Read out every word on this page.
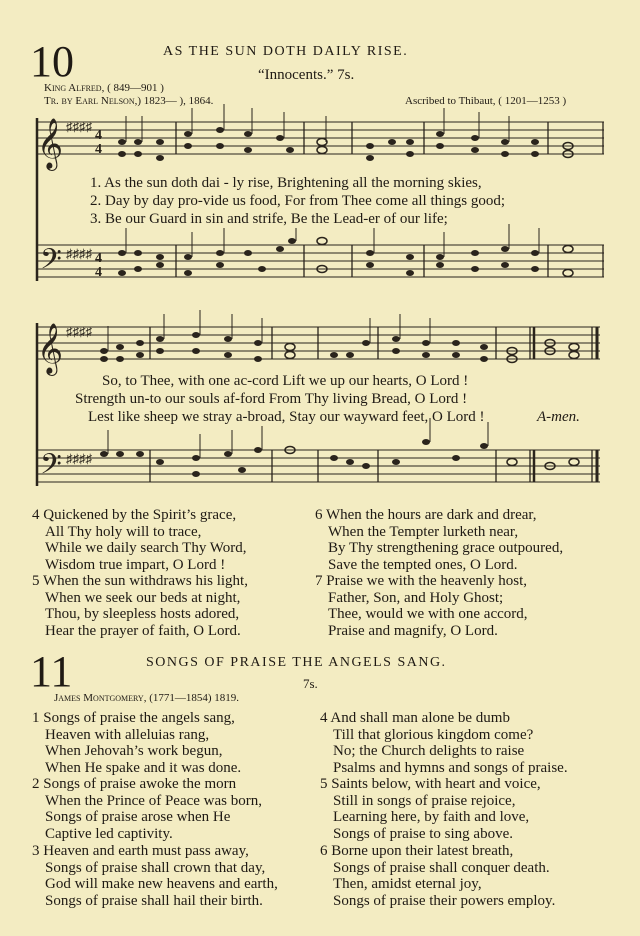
10	AS THE SUN DOTH DAILY RISE.
“Innocents.” 7s.
King Alfred, ( 849—901 )
Tr. by Earl Nelson,) 1823— ), 1864.	Ascribed to Thibaut, ( 1201—1253 )
𝄞 ♯♯♯♯
4
4
𝄢 ♯♯♯♯ 4
4
𝄞 ♯♯♯♯
𝄢 ♯♯♯♯
1. As the sun doth dai - ly rise, Brightening all the morning skies,
2. Day by day pro-vide us food, For from Thee come all things good;
3. Be our Guard in sin and strife, Be the Lead-er of our life;
So, to Thee, with one ac-cord Lift we up our hearts, O Lord !
Strength un-to our souls af-ford From Thy living Bread, O Lord !
Lest like sheep we stray a-broad, Stay our wayward feet, O Lord !	A-men.
4 Quickened by the Spirit’s grace,
All Thy holy will to trace,
While we daily search Thy Word,
Wisdom true impart, O Lord !
5 When the sun withdraws his light,
When we seek our beds at night,
Thou, by sleepless hosts adored,
Hear the prayer of faith, O Lord.
6 When the hours are dark and drear,
When the Tempter lurketh near,
By Thy strengthening grace outpoured,
Save the tempted ones, O Lord.
7 Praise we with the heavenly host,
Father, Son, and Holy Ghost;
Thee, would we with one accord,
Praise and magnify, O Lord.
11	SONGS OF PRAISE THE ANGELS SANG.
7s.
James Montgomery, (1771—1854) 1819.
1 Songs of praise the angels sang,
Heaven with alleluias rang,
When Jehovah’s work begun,
When He spake and it was done.
2 Songs of praise awoke the morn
When the Prince of Peace was born,
Songs of praise arose when He
Captive led captivity.
3 Heaven and earth must pass away,
Songs of praise shall crown that day,
God will make new heavens and earth,
Songs of praise shall hail their birth.
4 And shall man alone be dumb
Till that glorious kingdom come?
No; the Church delights to raise
Psalms and hymns and songs of praise.
5 Saints below, with heart and voice,
Still in songs of praise rejoice,
Learning here, by faith and love,
Songs of praise to sing above.
6 Borne upon their latest breath,
Songs of praise shall conquer death.
Then, amidst eternal joy,
Songs of praise their powers employ.
